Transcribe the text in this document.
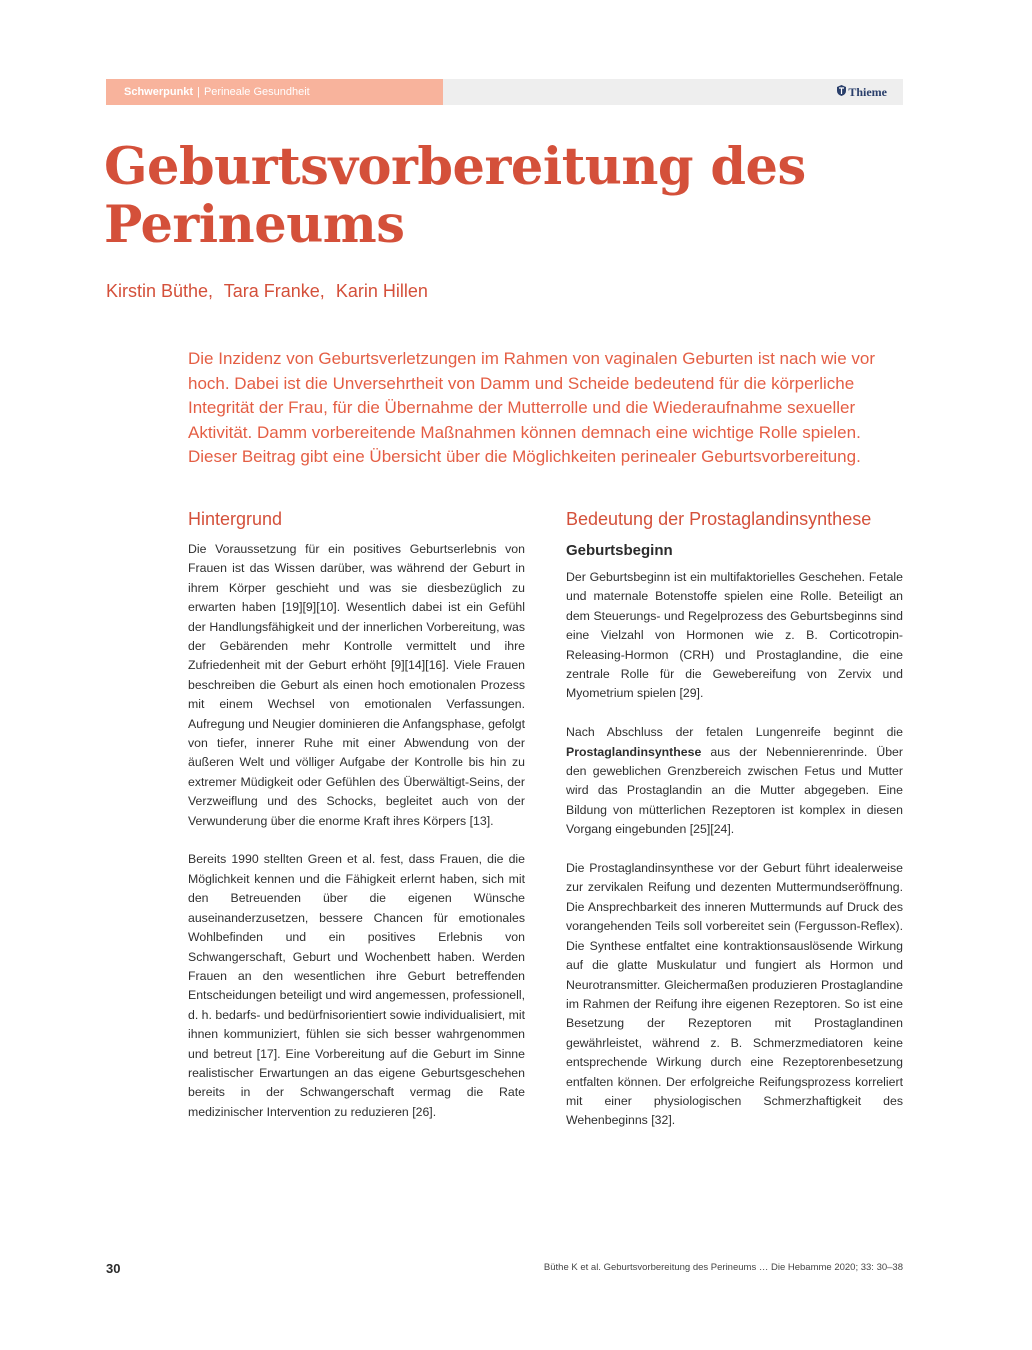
Schwerpunkt | Perineale Gesundheit	Thieme
Geburtsvorbereitung des Perineums
Kirstin Büthe, Tara Franke, Karin Hillen

Die Inzidenz von Geburtsverletzungen im Rahmen von vaginalen Geburten ist nach wie vor hoch. Dabei ist die Unversehrtheit von Damm und Scheide bedeutend für die körperliche Integrität der Frau, für die Übernahme der Mutterrolle und die Wiederaufnahme sexueller Aktivität. Damm vorbereitende Maßnahmen können demnach eine wichtige Rolle spielen. Dieser Beitrag gibt eine Übersicht über die Möglichkeiten perinealer Geburtsvorbereitung.

Hintergrund

Die Voraussetzung für ein positives Geburtserlebnis von Frauen ist das Wissen darüber, was während der Geburt in ihrem Körper geschieht und was sie diesbezüglich zu erwarten haben [19][9][10]. Wesentlich dabei ist ein Gefühl der Handlungsfähigkeit und der innerlichen Vorbereitung, was der Gebärenden mehr Kontrolle vermittelt und ihre Zufriedenheit mit der Geburt erhöht [9][14][16]. Viele Frauen beschreiben die Geburt als einen hoch emotionalen Prozess mit einem Wechsel von emotionalen Verfassungen. Aufregung und Neugier dominieren die Anfangsphase, gefolgt von tiefer, innerer Ruhe mit einer Abwendung von der äußeren Welt und völliger Aufgabe der Kontrolle bis hin zu extremer Müdigkeit oder Gefühlen des Überwältigt-Seins, der Verzweiflung und des Schocks, begleitet auch von der Verwunderung über die enorme Kraft ihres Körpers [13].

Bereits 1990 stellten Green et al. fest, dass Frauen, die die Möglichkeit kennen und die Fähigkeit erlernt haben, sich mit den Betreuenden über die eigenen Wünsche auseinanderzusetzen, bessere Chancen für emotionales Wohlbefinden und ein positives Erlebnis von Schwangerschaft, Geburt und Wochenbett haben. Werden Frauen an den wesentlichen ihre Geburt betreffenden Entscheidungen beteiligt und wird angemessen, professionell, d. h. bedarfs- und bedürfnisorientiert sowie individualisiert, mit ihnen kommuniziert, fühlen sie sich besser wahrgenommen und betreut [17]. Eine Vorbereitung auf die Geburt im Sinne realistischer Erwartungen an das eigene Geburtsgeschehen bereits in der Schwangerschaft vermag die Rate medizinischer Intervention zu reduzieren [26].

Bedeutung der Prostaglandinsynthese
Geburtsbeginn

Der Geburtsbeginn ist ein multifaktorielles Geschehen. Fetale und maternale Botenstoffe spielen eine Rolle. Beteiligt an dem Steuerungs- und Regelprozess des Geburtsbeginns sind eine Vielzahl von Hormonen wie z. B. Corticotropin-Releasing-Hormon (CRH) und Prostaglandine, die eine zentrale Rolle für die Gewebereifung von Zervix und Myometrium spielen [29].

Nach Abschluss der fetalen Lungenreife beginnt die Prostaglandinsynthese aus der Nebennierenrinde. Über den geweblichen Grenzbereich zwischen Fetus und Mutter wird das Prostaglandin an die Mutter abgegeben. Eine Bildung von mütterlichen Rezeptoren ist komplex in diesen Vorgang eingebunden [25][24].

Die Prostaglandinsynthese vor der Geburt führt idealerweise zur zervikalen Reifung und dezenten Muttermundseröffnung. Die Ansprechbarkeit des inneren Muttermunds auf Druck des vorangehenden Teils soll vorbereitet sein (Fergusson-Reflex). Die Synthese entfaltet eine kontraktionsauslösende Wirkung auf die glatte Muskulatur und fungiert als Hormon und Neurotransmitter. Gleichermaßen produzieren Prostaglandine im Rahmen der Reifung ihre eigenen Rezeptoren. So ist eine Besetzung der Rezeptoren mit Prostaglandinen gewährleistet, während z. B. Schmerzmediatoren keine entsprechende Wirkung durch eine Rezeptorenbesetzung entfalten können. Der erfolgreiche Reifungsprozess korreliert mit einer physiologischen Schmerzhaftigkeit des Wehenbeginns [32].

30	Büthe K et al. Geburtsvorbereitung des Perineums … Die Hebamme 2020; 33: 30–38
